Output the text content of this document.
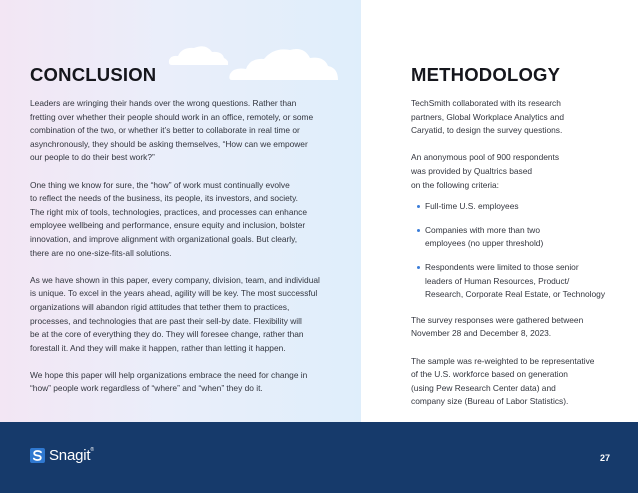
CONCLUSION	METHODOLOGY

Leaders are wringing their hands over the wrong questions. Rather than
fretting over whether their people should work in an office, remotely, or some
combination of the two, or whether it’s better to collaborate in real time or
asynchronously, they should be asking themselves, “How can we empower
our people to do their best work?”

One thing we know for sure, the “how” of work must continually evolve
to reflect the needs of the business, its people, its investors, and society.
The right mix of tools, technologies, practices, and processes can enhance
employee wellbeing and performance, ensure equity and inclusion, bolster
innovation, and improve alignment with organizational goals. But clearly,
there are no one-size-fits-all solutions.

As we have shown in this paper, every company, division, team, and individual
is unique. To excel in the years ahead, agility will be key. The most successful
organizations will abandon rigid attitudes that tether them to practices,
processes, and technologies that are past their sell-by date. Flexibility will
be at the core of everything they do. They will foresee change, rather than
forestall it. And they will make it happen, rather than letting it happen.

We hope this paper will help organizations embrace the need for change in
“how” people work regardless of “where” and “when” they do it.

TechSmith collaborated with its research
partners, Global Workplace Analytics and
Caryatid, to design the survey questions.

An anonymous pool of 900 respondents
was provided by Qualtrics based
on the following criteria:

Full-time U.S. employees
Companies with more than two
employees (no upper threshold)
Respondents were limited to those senior
leaders of Human Resources, Product/
Research, Corporate Real Estate, or Technology

The survey responses were gathered between
November 28 and December 8, 2023.

The sample was re-weighted to be representative
of the U.S. workforce based on generation
(using Pew Research Center data) and
company size (Bureau of Labor Statistics).

Snagit®
27
